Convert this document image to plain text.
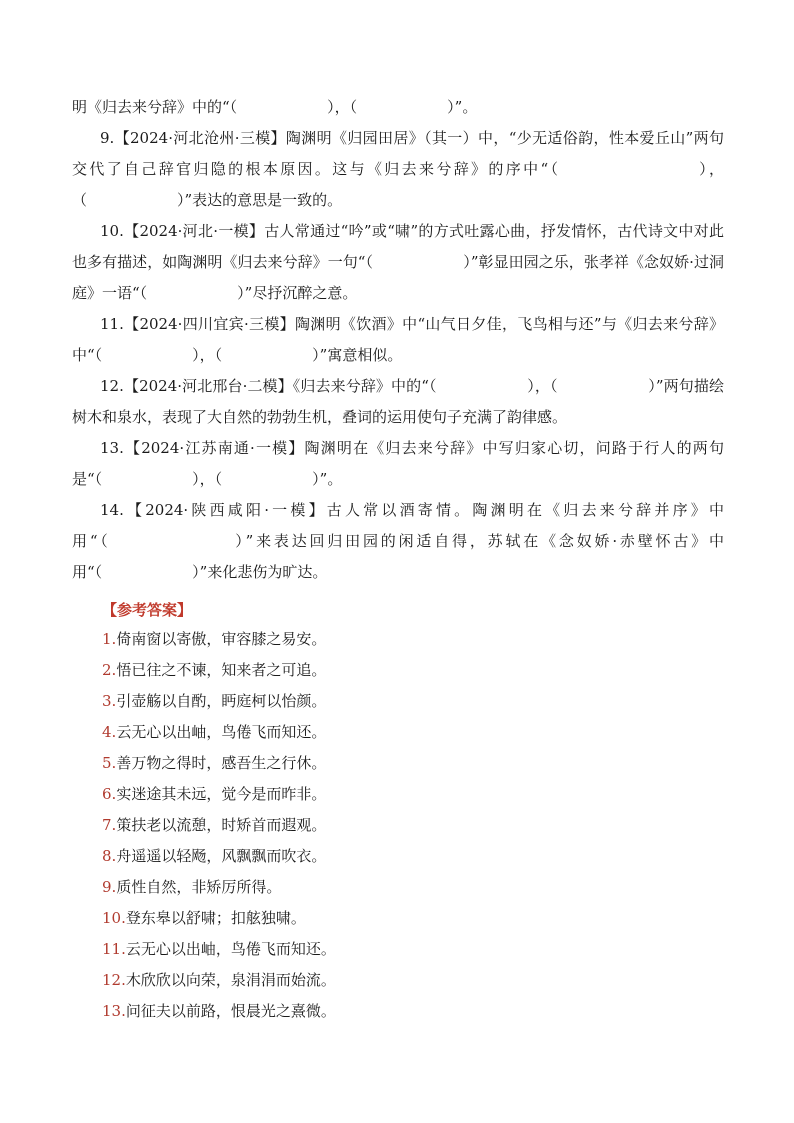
明《归去来兮辞》中的“（　　　　　　），（　　　　　　）”。

9.【2024·河北沧州·三模】陶渊明《归园田居》（其一）中，“少无适俗韵，性本爱丘山”两句交代了自己辞官归隐的根本原因。这与《归去来兮辞》的序中“（　　　　　　　　），（　　　　　　）”表达的意思是一致的。

10.【2024·河北·一模】古人常通过“吟”或“啸”的方式吐露心曲，抒发情怀，古代诗文中对此也多有描述，如陶渊明《归去来兮辞》一句“（　　　　　　）”彰显田园之乐，张孝祥《念奴娇·过洞庭》一语“（　　　　　　）”尽抒沉醉之意。

11.【2024·四川宜宾·三模】陶渊明《饮酒》中“山气日夕佳，飞鸟相与还”与《归去来兮辞》中“（　　　　　　），（　　　　　　）”寓意相似。

12.【2024·河北邢台·二模】《归去来兮辞》中的“（　　　　　　），（　　　　　　）”两句描绘树木和泉水，表现了大自然的勃勃生机，叠词的运用使句子充满了韵律感。

13.【2024·江苏南通·一模】陶渊明在《归去来兮辞》中写归家心切，问路于行人的两句是“（　　　　　　），（　　　　　　）”。

14.【2024·陕西咸阳·一模】古人常以酒寄情。陶渊明在《归去来兮辞并序》中用“（　　　　　　　）”来表达回归田园的闲适自得，苏轼在《念奴娇·赤壁怀古》中用“（　　　　　　）”来化悲伤为旷达。

【参考答案】
1.倚南窗以寄傲，审容膝之易安。
2.悟已往之不谏，知来者之可追。
3.引壶觞以自酌，眄庭柯以怡颜。
4.云无心以出岫，鸟倦飞而知还。
5.善万物之得时，感吾生之行休。
6.实迷途其未远，觉今是而昨非。
7.策扶老以流憩，时矫首而遐观。
8.舟遥遥以轻飏，风飘飘而吹衣。
9.质性自然，非矫厉所得。
10.登东皋以舒啸；扣舷独啸。
11.云无心以出岫，鸟倦飞而知还。
12.木欣欣以向荣，泉涓涓而始流。
13.问征夫以前路，恨晨光之熹微。
